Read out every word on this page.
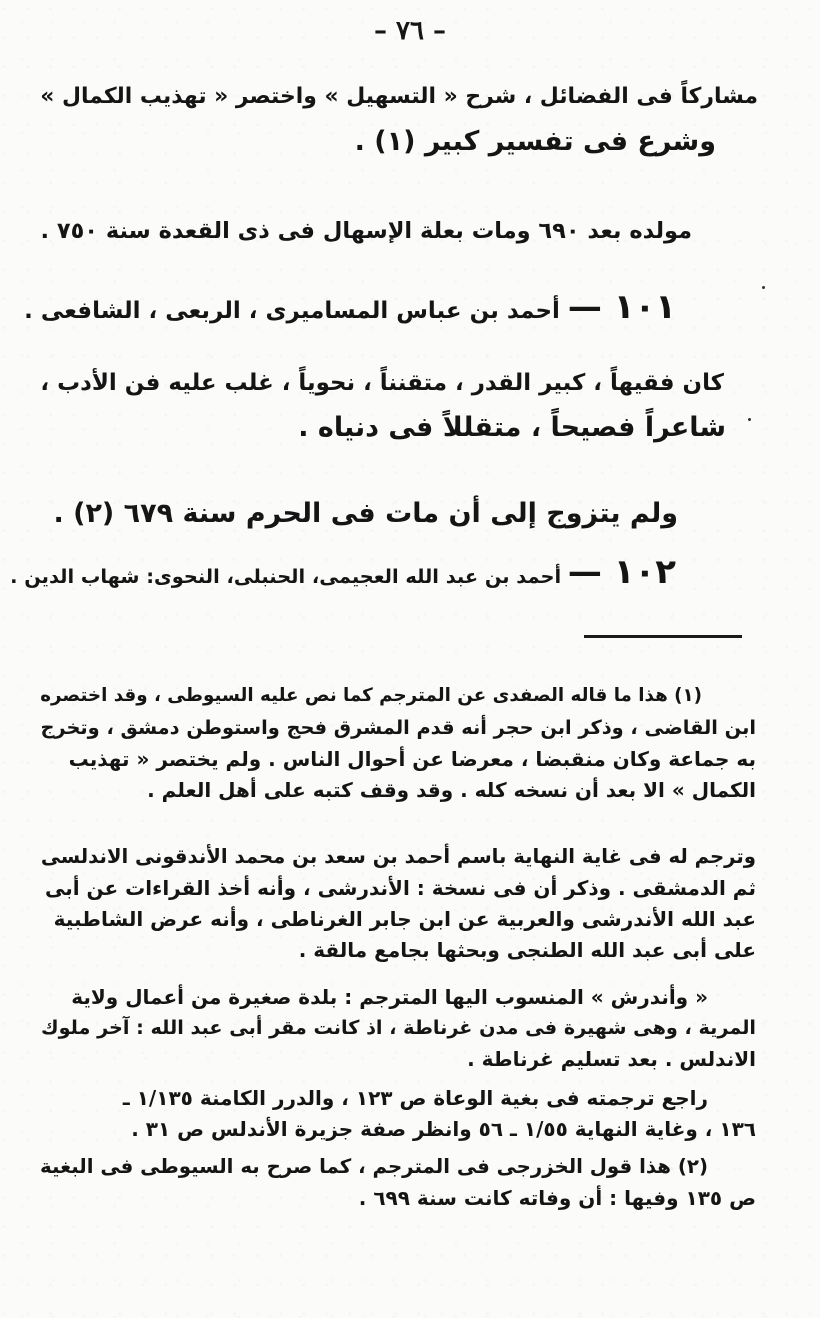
– ٧٦ –
مشاركاً فى الفضائل ، شرح « التسهيل » واختصر « تهذيب الكمال »
وشرع فى تفسير كبير (١) .
مولده بعد ٦٩٠ ومات بعلة الإسهال فى ذى القعدة سنة ٧٥٠ .
١٠١ — أحمد بن عباس المساميرى ، الربعى ، الشافعى .
كان فقيهاً ، كبير القدر ، متقنناً ، نحوياً ، غلب عليه فن الأدب ،
شاعراً فصيحاً ، متقللاً فى دنياه .
ولم يتزوج إلى أن مات فى الحرم سنة ٦٧٩ (٢) .
١٠٢ — أحمد بن عبد الله العجيمى، الحنبلى، النحوى: شهاب الدين .
(١) هذا ما قاله الصفدى عن المترجم كما نص عليه السيوطى ، وقد اختصره
ابن القاضى ، وذكر ابن حجر أنه قدم المشرق فحج واستوطن دمشق ، وتخرج
به جماعة وكان منقبضا ، معرضا عن أحوال الناس . ولم يختصر « تهذيب
الكمال » الا بعد أن نسخه كله . وقد وقف كتبه على أهل العلم .
وترجم له فى غاية النهاية باسم أحمد بن سعد بن محمد الأندقونى الاندلسى
ثم الدمشقى . وذكر أن فى نسخة : الأندرشى ، وأنه أخذ القراءات عن أبى
عبد الله الأندرشى والعربية عن ابن جابر الغرناطى ، وأنه عرض الشاطبية
على أبى عبد الله الطنجى وبحثها بجامع مالقة .
« وأندرش » المنسوب اليها المترجم : بلدة صغيرة من أعمال ولاية
المرية ، وهى شهيرة فى مدن غرناطة ، اذ كانت مقر أبى عبد الله : آخر ملوك
الاندلس . بعد تسليم غرناطة .
راجع ترجمته فى بغية الوعاة ص ١٢٣ ، والدرر الكامنة ١/١٣٥ ـ
١٣٦ ، وغاية النهاية ١/٥٥ ـ ٥٦ وانظر صفة جزيرة الأندلس ص ٣١ .
(٢) هذا قول الخزرجى فى المترجم ، كما صرح به السيوطى فى البغية
ص ١٣٥ وفيها : أن وفاته كانت سنة ٦٩٩ .
